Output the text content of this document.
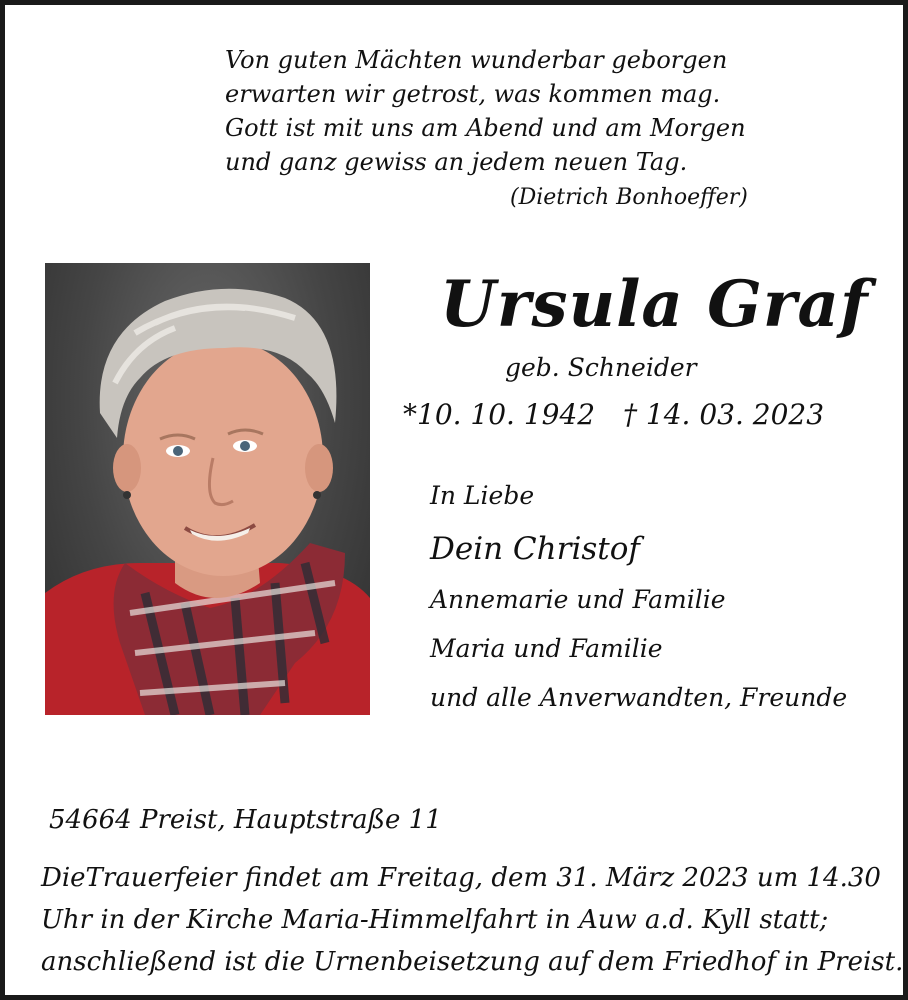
Von guten Mächten wunderbar geborgen
erwarten wir getrost, was kommen mag.
Gott ist mit uns am Abend und am Morgen
und ganz gewiss an jedem neuen Tag.
(Dietrich Bonhoeffer)
Ursula Graf
geb. Schneider
*10. 10. 1942 † 14. 03. 2023
In Liebe
Dein Christof
Annemarie und Familie
Maria und Familie
und alle Anverwandten, Freunde
54664 Preist, Hauptstraße 11
DieTrauerfeier findet am Freitag, dem 31. März 2023 um 14.30
Uhr in der Kirche Maria-Himmelfahrt in Auw a.d. Kyll statt;
anschließend ist die Urnenbeisetzung auf dem Friedhof in Preist.
